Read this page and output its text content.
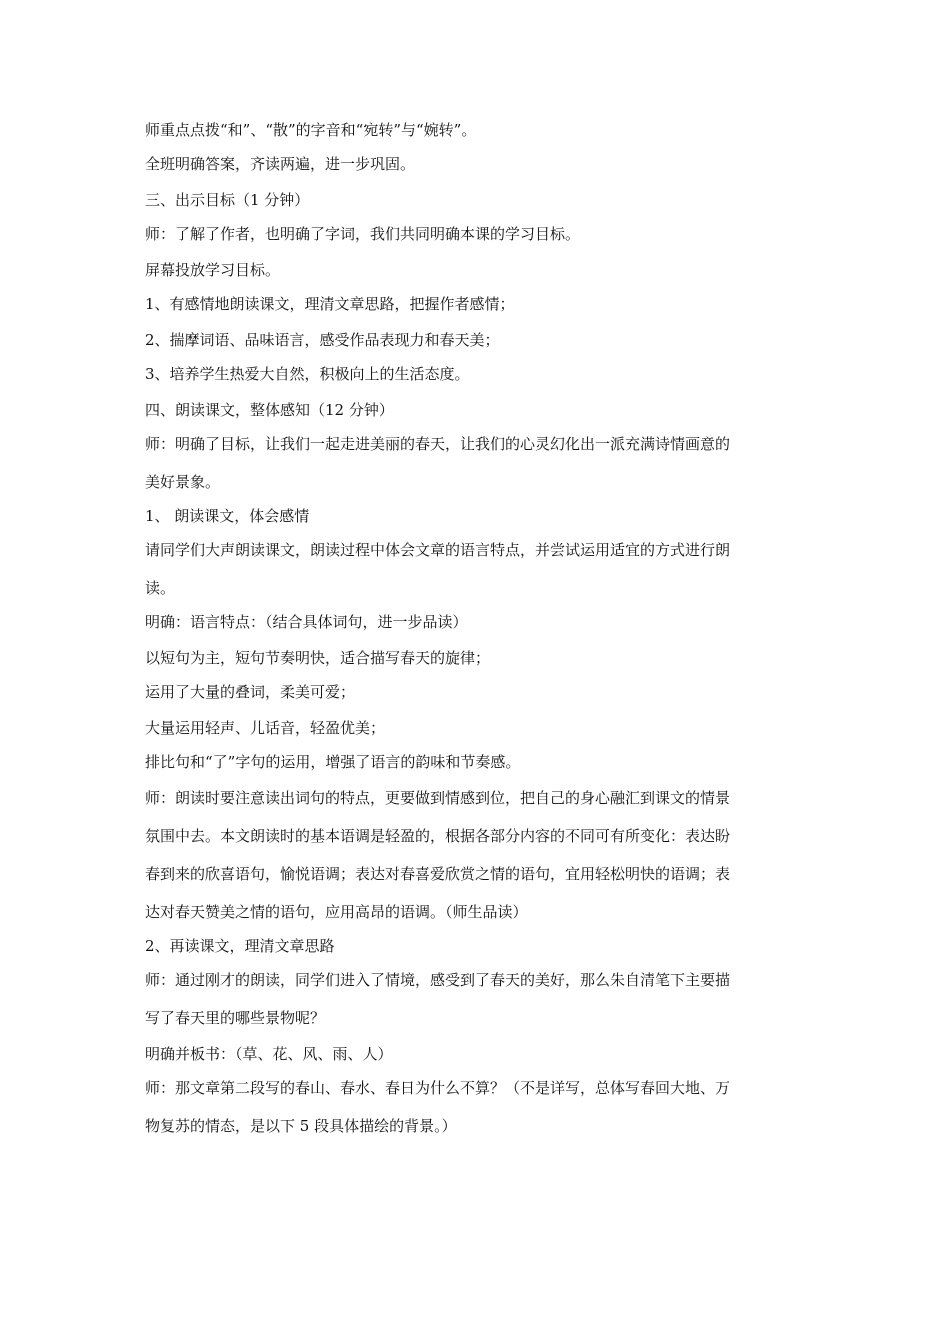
师重点点拨“和”、“散”的字音和“宛转”与“婉转”。

全班明确答案，齐读两遍，进一步巩固。

三、出示目标（1 分钟）

师：了解了作者，也明确了字词，我们共同明确本课的学习目标。

屏幕投放学习目标。

1、有感情地朗读课文，理清文章思路，把握作者感情；

2、揣摩词语、品味语言，感受作品表现力和春天美；

3、培养学生热爱大自然，积极向上的生活态度。

四、朗读课文，整体感知（12 分钟）

师：明确了目标，让我们一起走进美丽的春天，让我们的心灵幻化出一派充满诗情画意的

美好景象。

1、 朗读课文，体会感情

请同学们大声朗读课文，朗读过程中体会文章的语言特点，并尝试运用适宜的方式进行朗

读。

明确：语言特点：（结合具体词句，进一步品读）

以短句为主，短句节奏明快，适合描写春天的旋律；

运用了大量的叠词，柔美可爱；

大量运用轻声、儿话音，轻盈优美；

排比句和“了”字句的运用，增强了语言的韵味和节奏感。

师：朗读时要注意读出词句的特点，更要做到情感到位，把自己的身心融汇到课文的情景

氛围中去。本文朗读时的基本语调是轻盈的，根据各部分内容的不同可有所变化：表达盼

春到来的欣喜语句，愉悦语调；表达对春喜爱欣赏之情的语句，宜用轻松明快的语调；表

达对春天赞美之情的语句，应用高昂的语调。（师生品读）

2、再读课文，理清文章思路

师：通过刚才的朗读，同学们进入了情境，感受到了春天的美好，那么朱自清笔下主要描

写了春天里的哪些景物呢？

明确并板书：（草、花、风、雨、人）

师：那文章第二段写的春山、春水、春日为什么不算？（不是详写，总体写春回大地、万

物复苏的情态，是以下 5 段具体描绘的背景。）
